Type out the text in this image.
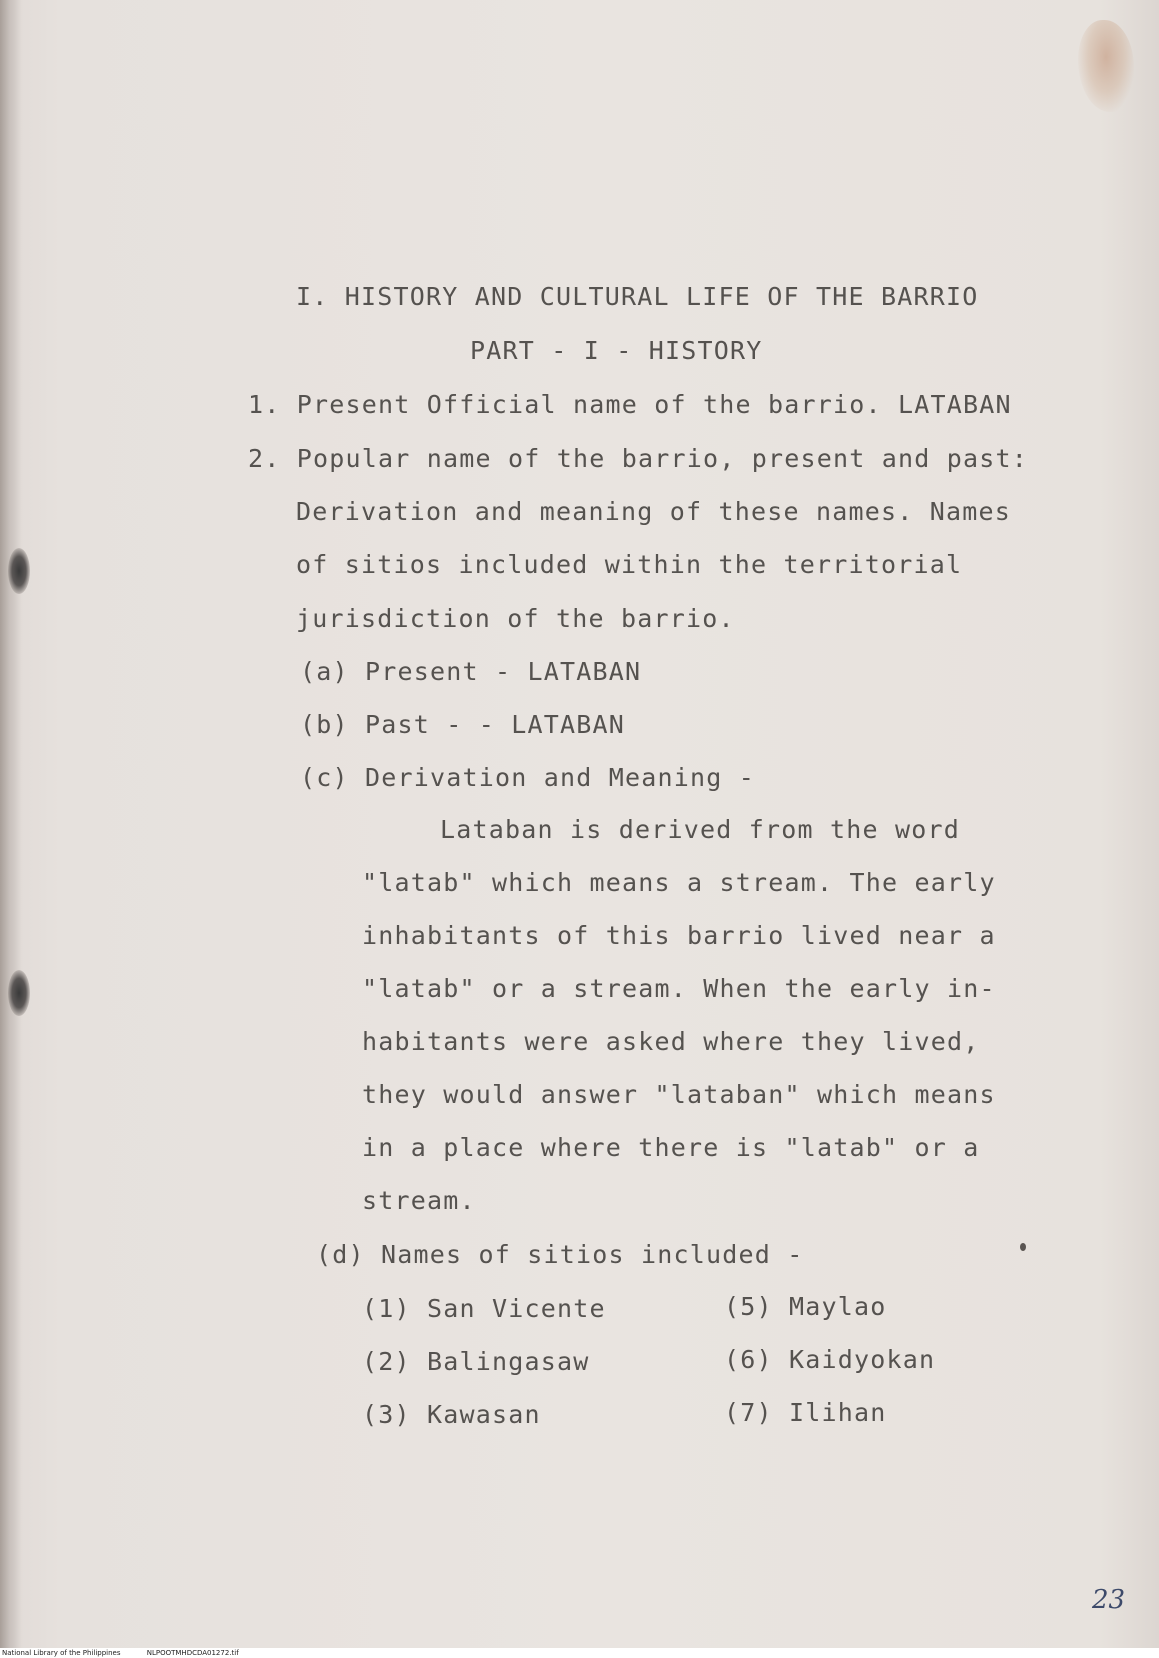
I. HISTORY AND CULTURAL LIFE OF THE BARRIO
PART - I - HISTORY
1. Present Official name of the barrio. LATABAN
2. Popular name of the barrio, present and past:
Derivation and meaning of these names. Names
of sitios included within the territorial
jurisdiction of the barrio.
(a) Present - LATABAN
(b) Past - - LATABAN
(c) Derivation and Meaning -
Lataban is derived from the word
"latab" which means a stream. The early
inhabitants of this barrio lived near a
"latab" or a stream. When the early in-
habitants were asked where they lived,
they would answer "lataban" which means
in a place where there is "latab" or a
stream.
(d) Names of sitios included -
(1) San Vicente
(2) Balingasaw
(3) Kawasan
(5) Maylao
(6) Kaidyokan
(7) Ilihan
23
National Library of the Philippines	NLPOOTMHDCDA01272.tif
